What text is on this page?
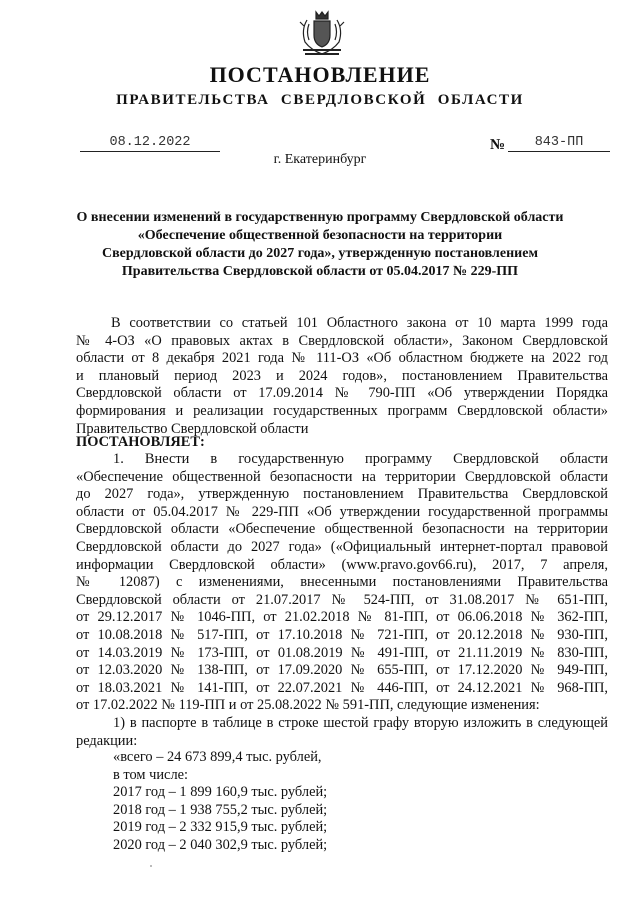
ПОСТАНОВЛЕНИЕ
ПРАВИТЕЛЬСТВА СВЕРДЛОВСКОЙ ОБЛАСТИ
08.12.2022	№	843-ПП
г. Екатеринбург
О внесении изменений в государственную программу Свердловской области
«Обеспечение общественной безопасности на территории
Свердловской области до 2027 года», утвержденную постановлением
Правительства Свердловской области от 05.04.2017 № 229-ПП
В соответствии со статьей 101 Областного закона от 10 марта 1999 года
№ 4-ОЗ «О правовых актах в Свердловской области», Законом Свердловской
области от 8 декабря 2021 года № 111-ОЗ «Об областном бюджете на 2022 год
и плановый период 2023 и 2024 годов», постановлением Правительства
Свердловской области от 17.09.2014 № 790-ПП «Об утверждении Порядка
формирования и реализации государственных программ Свердловской области»
Правительство Свердловской области
ПОСТАНОВЛЯЕТ:
1. Внести в государственную программу Свердловской области
«Обеспечение общественной безопасности на территории Свердловской области
до 2027 года», утвержденную постановлением Правительства Свердловской
области от 05.04.2017 № 229-ПП «Об утверждении государственной программы
Свердловской области «Обеспечение общественной безопасности на территории
Свердловской области до 2027 года» («Официальный интернет-портал правовой
информации Свердловской области» (www.pravo.gov66.ru), 2017, 7 апреля,
№ 12087) с изменениями, внесенными постановлениями Правительства
Свердловской области от 21.07.2017 № 524-ПП, от 31.08.2017 № 651-ПП,
от 29.12.2017 № 1046-ПП, от 21.02.2018 № 81-ПП, от 06.06.2018 № 362-ПП,
от 10.08.2018 № 517-ПП, от 17.10.2018 № 721-ПП, от 20.12.2018 № 930-ПП,
от 14.03.2019 № 173-ПП, от 01.08.2019 № 491-ПП, от 21.11.2019 № 830-ПП,
от 12.03.2020 № 138-ПП, от 17.09.2020 № 655-ПП, от 17.12.2020 № 949-ПП,
от 18.03.2021 № 141-ПП, от 22.07.2021 № 446-ПП, от 24.12.2021 № 968-ПП,
от 17.02.2022 № 119-ПП и от 25.08.2022 № 591-ПП, следующие изменения:
1) в паспорте в таблице в строке шестой графу вторую изложить в следующей
редакции:
«всего – 24 673 899,4 тыс. рублей,
в том числе:
2017 год – 1 899 160,9 тыс. рублей;
2018 год – 1 938 755,2 тыс. рублей;
2019 год – 2 332 915,9 тыс. рублей;
2020 год – 2 040 302,9 тыс. рублей;
